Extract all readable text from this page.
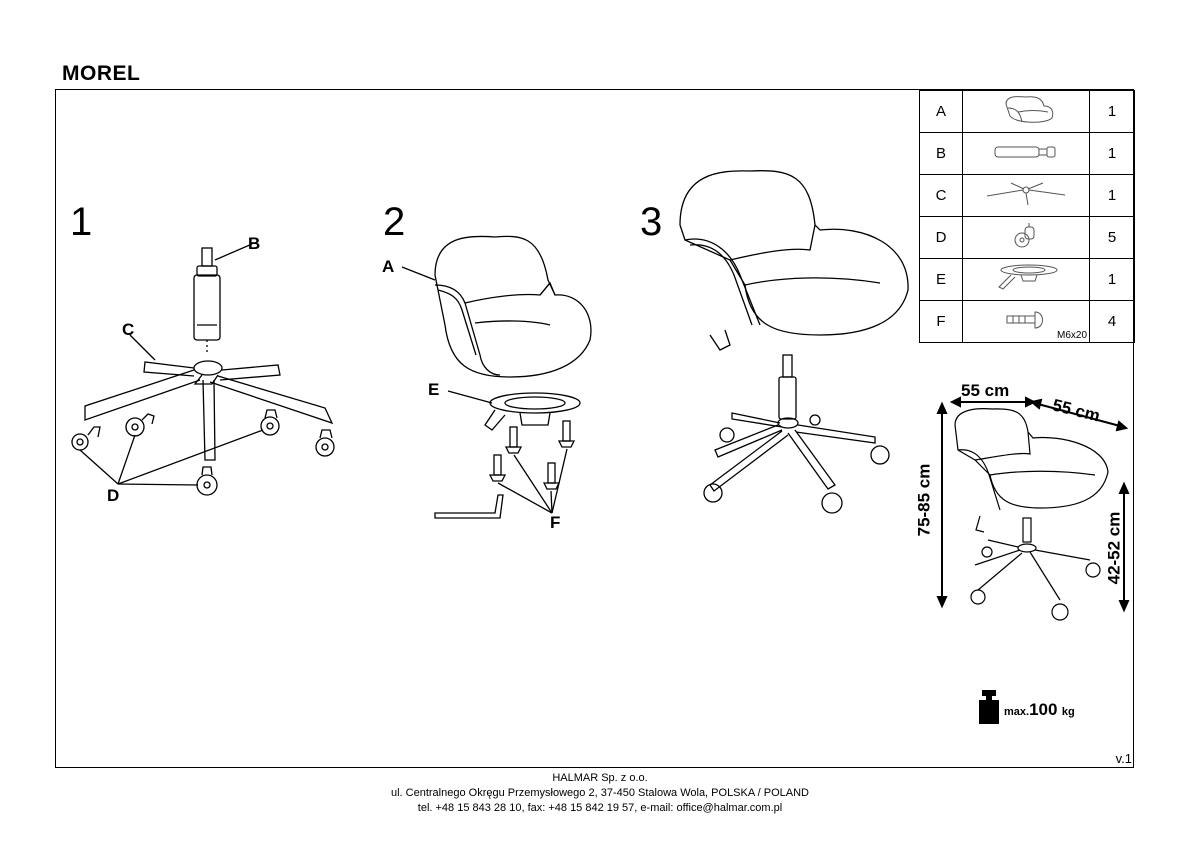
MOREL
1	B
C
D
2
A
E
F
3
A		1
B		1
C		1
D		5
E		1
F	M6x20	4
55 cm
55 cm
75-85 cm
42-52 cm
max.100 kg
v.1
HALMAR Sp. z o.o.
ul. Centralnego Okręgu Przemysłowego 2, 37-450 Stalowa Wola, POLSKA / POLAND
tel. +48 15 843 28 10, fax: +48 15 842 19 57, e-mail: office@halmar.com.pl
